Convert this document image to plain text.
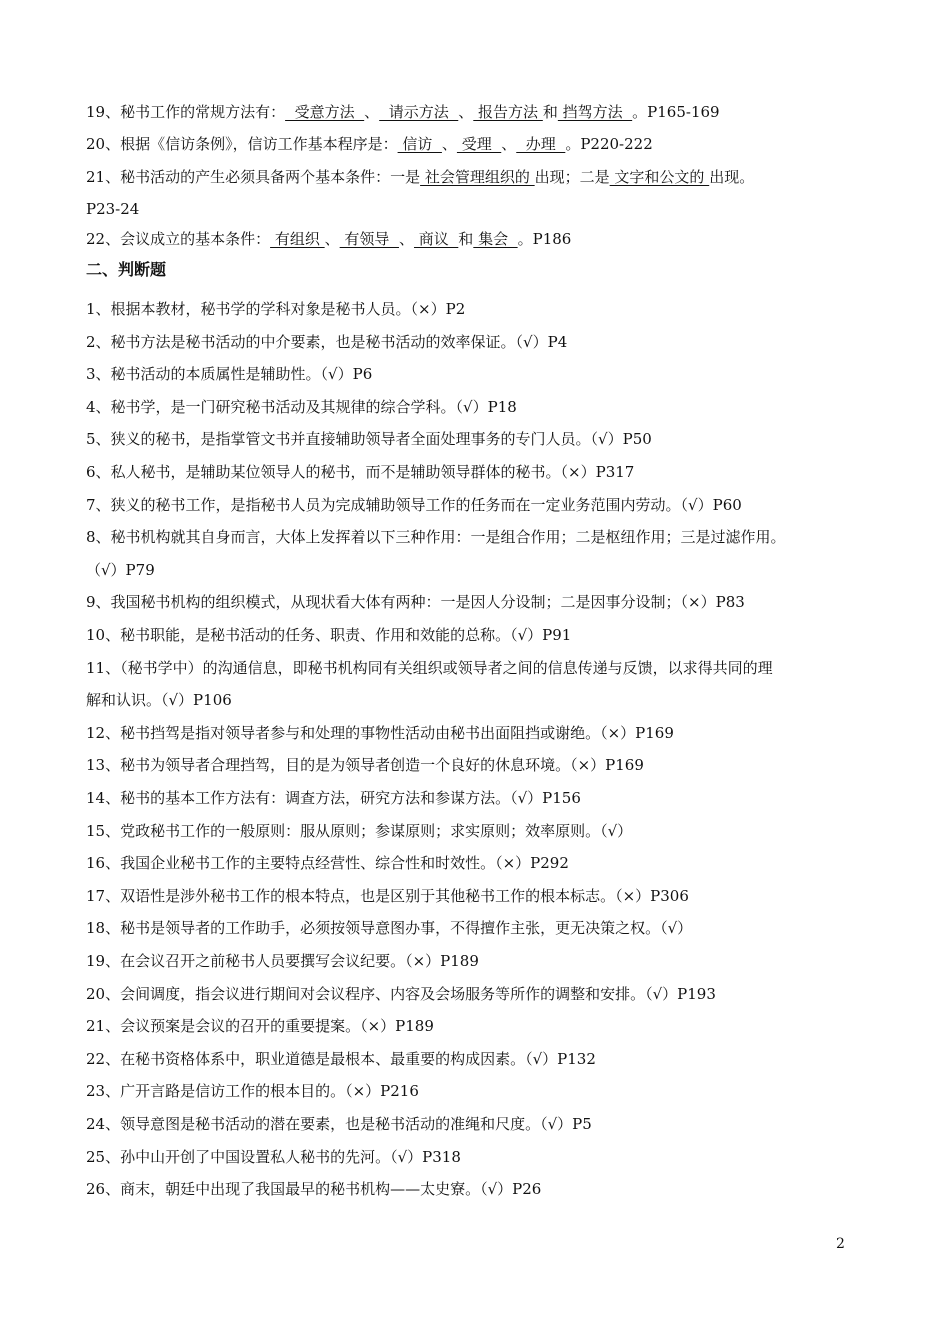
19、秘书工作的常规方法有：  受意方法  、  请示方法  、 报告方法 和 挡驾方法  。P165-169
20、根据《信访条例》，信访工作基本程序是： 信访  、 受理  、  办理  。P220-222
21、秘书活动的产生必须具备两个基本条件：一是 社会管理组织的 出现；二是 文字和公文的 出现。
P23-24
22、会议成立的基本条件： 有组织 、 有领导  、 商议  和 集会  。P186
二、判断题
1、根据本教材，秘书学的学科对象是秘书人员。（×）P2
2、秘书方法是秘书活动的中介要素，也是秘书活动的效率保证。（√）P4
3、秘书活动的本质属性是辅助性。（√）P6
4、秘书学，是一门研究秘书活动及其规律的综合学科。（√）P18
5、狭义的秘书，是指掌管文书并直接辅助领导者全面处理事务的专门人员。（√）P50
6、私人秘书，是辅助某位领导人的秘书，而不是辅助领导群体的秘书。（×）P317
7、狭义的秘书工作，是指秘书人员为完成辅助领导工作的任务而在一定业务范围内劳动。（√）P60
8、秘书机构就其自身而言，大体上发挥着以下三种作用：一是组合作用；二是枢纽作用；三是过滤作用。
（√）P79
9、我国秘书机构的组织模式，从现状看大体有两种：一是因人分设制；二是因事分设制；（×）P83
10、秘书职能，是秘书活动的任务、职责、作用和效能的总称。（√）P91
11、（秘书学中）的沟通信息，即秘书机构同有关组织或领导者之间的信息传递与反馈，以求得共同的理
解和认识。（√）P106
12、秘书挡驾是指对领导者参与和处理的事物性活动由秘书出面阻挡或谢绝。（×）P169
13、秘书为领导者合理挡驾，目的是为领导者创造一个良好的休息环境。（×）P169
14、秘书的基本工作方法有：调查方法，研究方法和参谋方法。（√）P156
15、党政秘书工作的一般原则：服从原则；参谋原则；求实原则；效率原则。（√）
16、我国企业秘书工作的主要特点经营性、综合性和时效性。（×）P292
17、双语性是涉外秘书工作的根本特点，也是区别于其他秘书工作的根本标志。（×）P306
18、秘书是领导者的工作助手，必须按领导意图办事，不得擅作主张，更无决策之权。（√）
19、在会议召开之前秘书人员要撰写会议纪要。（×）P189
20、会间调度，指会议进行期间对会议程序、内容及会场服务等所作的调整和安排。（√）P193
21、会议预案是会议的召开的重要提案。（×）P189
22、在秘书资格体系中，职业道德是最根本、最重要的构成因素。（√）P132
23、广开言路是信访工作的根本目的。（×）P216
24、领导意图是秘书活动的潜在要素，也是秘书活动的准绳和尺度。（√）P5
25、孙中山开创了中国设置私人秘书的先河。（√）P318
26、商末，朝廷中出现了我国最早的秘书机构——太史寮。（√）P26
2
